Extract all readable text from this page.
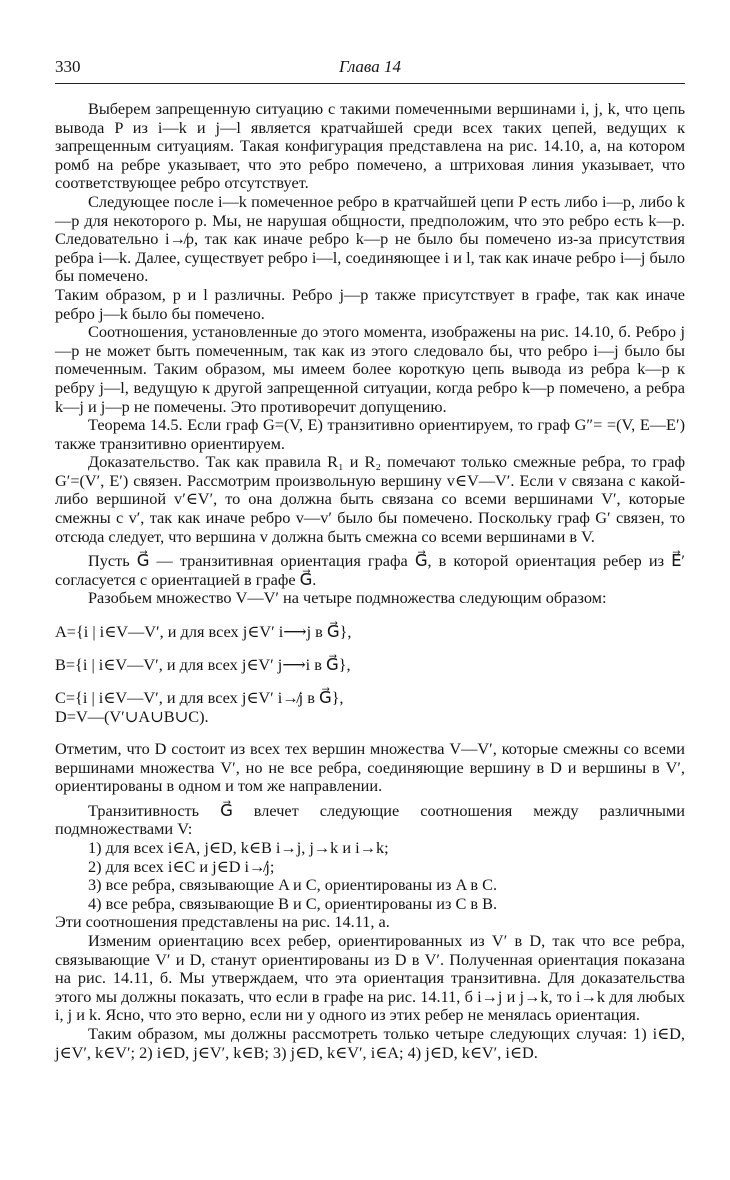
330	Глава 14

Выберем запрещенную ситуацию с такими помеченными вершинами i, j, k, что цепь вывода P из i—k и j—l является кратчайшей среди всех таких цепей, ведущих к запрещенным ситуациям. Такая конфигурация представлена на рис. 14.10, a, на котором ромб на ребре указывает, что это ребро помечено, а штриховая линия указывает, что соответствующее ребро отсутствует.

Следующее после i—k помеченное ребро в кратчайшей цепи P есть либо i—p, либо k—p для некоторого p. Мы, не нарушая общности, предположим, что это ребро есть k—p. Следовательно i↛p, так как иначе ребро k—p не было бы помечено из-за присутствия ребра i—k. Далее, существует ребро i—l, соединяющее i и l, так как иначе ребро i—j было бы помечено.

Таким образом, p и l различны. Ребро j—p также присутствует в графе, так как иначе ребро j—k было бы помечено.

Соотношения, установленные до этого момента, изображены на рис. 14.10, б. Ребро j—p не может быть помеченным, так как из этого следовало бы, что ребро i—j было бы помеченным. Таким образом, мы имеем более короткую цепь вывода из ребра k—p к ребру j—l, ведущую к другой запрещенной ситуации, когда ребро k—p помечено, а ребра k—j и j—p не помечены. Это противоречит допущению.

Теорема 14.5. Если граф G=(V, E) транзитивно ориентируем, то граф G″= =(V, E—E′) также транзитивно ориентируем.

Доказательство. Так как правила R₁ и R₂ помечают только смежные ребра, то граф G′=(V′, E′) связен. Рассмотрим произвольную вершину v∈V—V′. Если v связана с какой-либо вершиной v′∈V′, то она должна быть связана со всеми вершинами V′, которые смежны с v′, так как иначе ребро v—v′ было бы помечено. Поскольку граф G′ связен, то отсюда следует, что вершина v должна быть смежна со всеми вершинами в V.

Пусть G⃗ — транзитивная ориентация графа G⃗, в которой ориентация ребер из E⃗′ согласуется с ориентацией в графе G⃗.

Разобьем множество V—V′ на четыре подмножества следующим образом:

A={i | i∈V—V′, и для всех j∈V′ i⟶j в G⃗},

B={i | i∈V—V′, и для всех j∈V′ j⟶i в G⃗},

C={i | i∈V—V′, и для всех j∈V′ i↛j в G⃗},

D=V—(V′∪A∪B∪C).

Отметим, что D состоит из всех тех вершин множества V—V′, которые смежны со всеми вершинами множества V′, но не все ребра, соединяющие вершину в D и вершины в V′, ориентированы в одном и том же направлении.

Транзитивность G⃗ влечет следующие соотношения между различными подмножествами V:

1) для всех i∈A, j∈D, k∈B i→j, j→k и i→k;

2) для всех i∈C и j∈D i↛j;

3) все ребра, связывающие A и C, ориентированы из A в C.

4) все ребра, связывающие B и C, ориентированы из C в B.

Эти соотношения представлены на рис. 14.11, а.

Изменим ориентацию всех ребер, ориентированных из V′ в D, так что все ребра, связывающие V′ и D, станут ориентированы из D в V′. Полученная ориентация показана на рис. 14.11, б. Мы утверждаем, что эта ориентация транзитивна. Для доказательства этого мы должны показать, что если в графе на рис. 14.11, б i→j и j→k, то i→k для любых i, j и k. Ясно, что это верно, если ни у одного из этих ребер не менялась ориентация.

Таким образом, мы должны рассмотреть только четыре следующих случая: 1) i∈D, j∈V′, k∈V′; 2) i∈D, j∈V′, k∈B; 3) j∈D, k∈V′, i∈A; 4) j∈D, k∈V′, i∈D.
